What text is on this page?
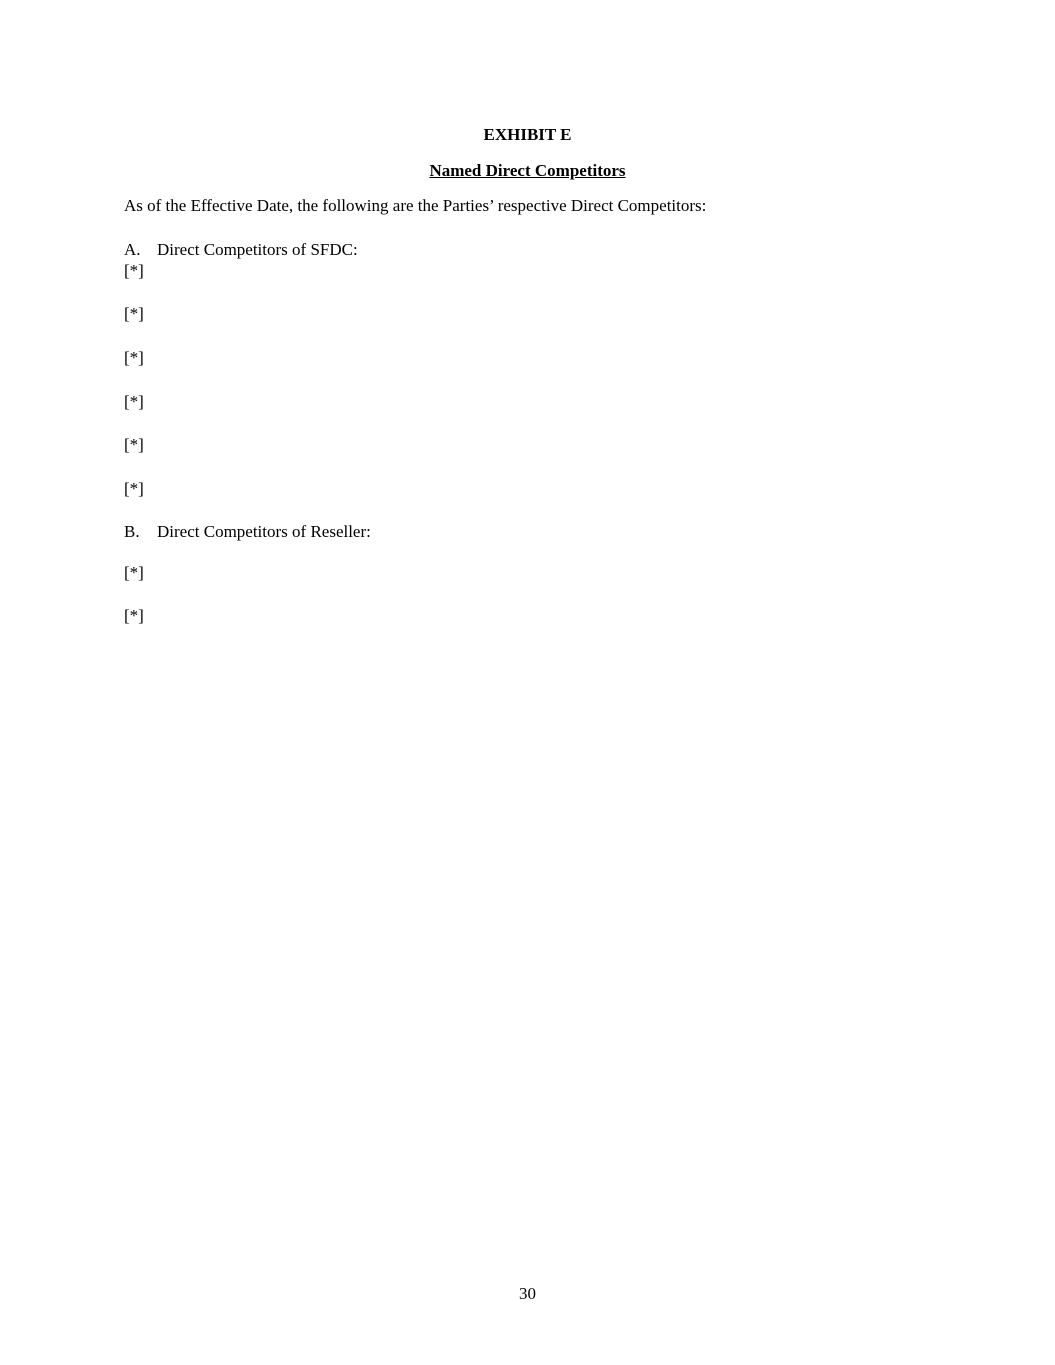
EXHIBIT E
Named Direct Competitors
As of the Effective Date, the following are the Parties’ respective Direct Competitors:
A. Direct Competitors of SFDC:
[*]
[*]
[*]
[*]
[*]
[*]
B. Direct Competitors of Reseller:
[*]
[*]
30
